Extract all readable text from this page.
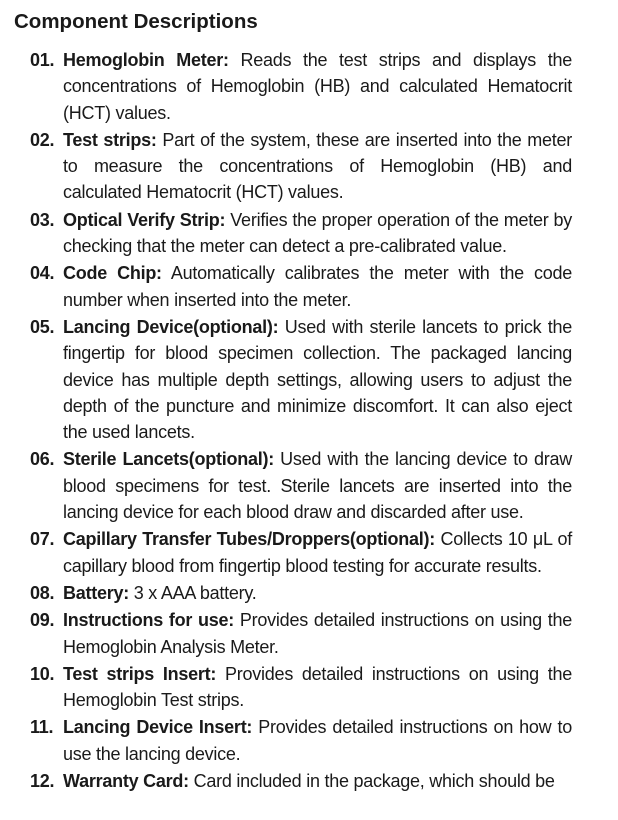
Component Descriptions
01. Hemoglobin Meter: Reads the test strips and displays the concentrations of Hemoglobin (HB) and calculated Hematocrit (HCT) values.
02. Test strips: Part of the system, these are inserted into the meter to measure the concentrations of Hemoglobin (HB) and calculated Hematocrit (HCT) values.
03. Optical Verify Strip: Verifies the proper operation of the meter by checking that the meter can detect a pre-calibrated value.
04. Code Chip: Automatically calibrates the meter with the code number when inserted into the meter.
05. Lancing Device(optional): Used with sterile lancets to prick the fingertip for blood specimen collection. The packaged lancing device has multiple depth settings, allowing users to adjust the depth of the puncture and minimize discomfort. It can also eject the used lancets.
06. Sterile Lancets(optional): Used with the lancing device to draw blood specimens for test. Sterile lancets are inserted into the lancing device for each blood draw and discarded after use.
07. Capillary Transfer Tubes/Droppers(optional): Collects 10 μL of capillary blood from fingertip blood testing for accurate results.
08. Battery: 3 x AAA battery.
09. Instructions for use: Provides detailed instructions on using the Hemoglobin Analysis Meter.
10. Test strips Insert: Provides detailed instructions on using the Hemoglobin Test strips.
11. Lancing Device Insert: Provides detailed instructions on how to use the lancing device.
12. Warranty Card: Card included in the package, which should be
